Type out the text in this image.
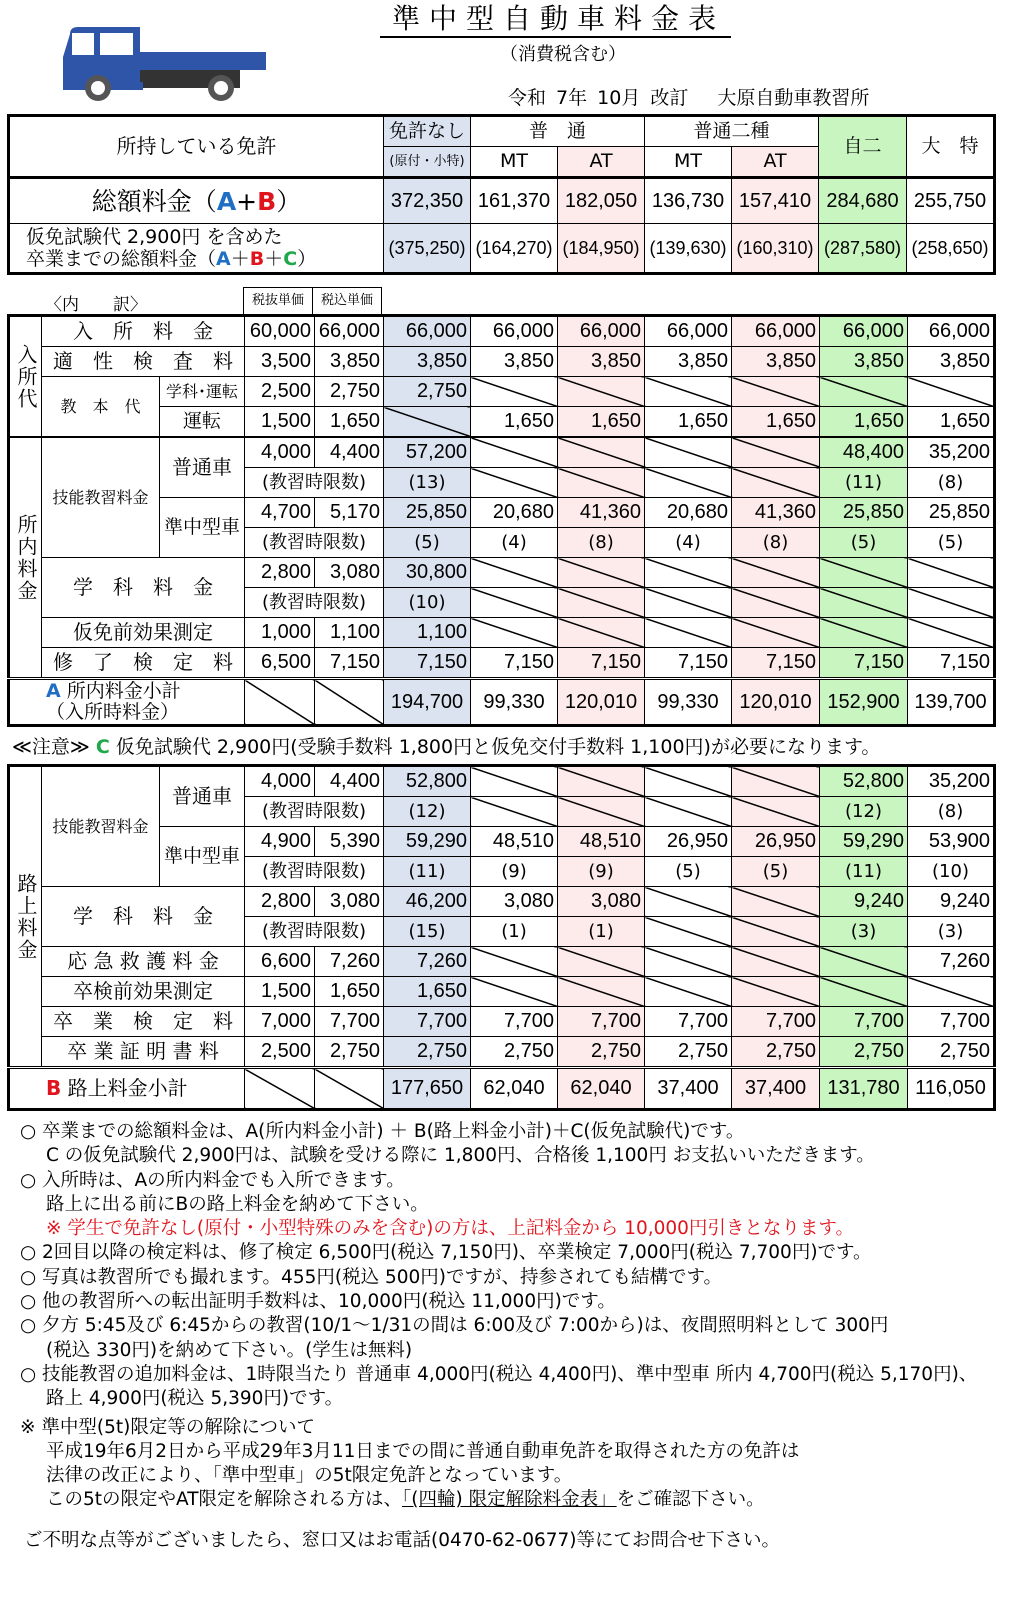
準中型自動車料金表
（消費税含む）
令和 7年 10月 改訂　 大原自動車教習所
所持している免許	免許なし	普　通		普通二種		自二	大　特
	(原付・小特)	MT	AT	MT	AT		
総額料金（A+B）	372,350	161,370	182,050	136,730	157,410	284,680	255,750

仮免試験代 2,900円 を含めた
卒業までの総額料金（A＋B＋C）	(375,250)	(164,270)	(184,950)	(139,630)	(160,310)	(287,580)	(258,650)
〈内　　訳〉	税抜単価	税込単価
入所代	入　所　料　金		60,000	66,000	66,000	66,000	66,000	66,000	66,000	66,000	66,000
	適　性　検　査　料		3,500	3,850	3,850	3,850	3,850	3,850	3,850	3,850	3,850
	教　本　代	学科･運転	2,500	2,750	2,750						
		運転	1,500	1,650		1,650	1,650	1,650	1,650	1,650	1,650
所内料金	技能教習料金	普通車	4,000	4,400	57,200					48,400	35,200
			(教習時限数)		(13)					(11)	(8)
		準中型車	4,700	5,170	25,850	20,680	41,360	20,680	41,360	25,850	25,850
			(教習時限数)		(5)	(4)	(8)	(4)	(8)	(5)	(5)
	学　科　料　金		2,800	3,080	30,800						
			(教習時限数)		(10)						
	仮免前効果測定		1,000	1,100	1,100						
	修　了　検　定　料		6,500	7,150	7,150	7,150	7,150	7,150	7,150	7,150	7,150

A 所内料金小計
（入所時料金）					194,700	99,330	120,010	99,330	120,010	152,900	139,700
≪注意≫ C 仮免試験代 2,900円(受験手数料 1,800円と仮免交付手数料 1,100円)が必要になります。
路上料金	技能教習料金	普通車	4,000	4,400	52,800					52,800	35,200
			(教習時限数)		(12)					(12)	(8)
		準中型車	4,900	5,390	59,290	48,510	48,510	26,950	26,950	59,290	53,900
			(教習時限数)		(11)	(9)	(9)	(5)	(5)	(11)	(10)
	学　科　料　金		2,800	3,080	46,200	3,080	3,080			9,240	9,240
			(教習時限数)		(15)	(1)	(1)			(3)	(3)
	応 急 救 護 料 金		6,600	7,260	7,260						7,260
	卒検前効果測定		1,500	1,650	1,650						
	卒　業　検　定　料		7,000	7,700	7,700	7,700	7,700	7,700	7,700	7,700	7,700
	卒 業 証 明 書 料		2,500	2,750	2,750	2,750	2,750	2,750	2,750	2,750	2,750
B 路上料金小計					177,650	62,040	62,040	37,400	37,400	131,780	116,050
○ 卒業までの総額料金は、A(所内料金小計) ＋ B(路上料金小計)＋C(仮免試験代)です。
C の仮免試験代 2,900円は、試験を受ける際に 1,800円、合格後 1,100円 お支払いいただきます。
○ 入所時は、Aの所内料金でも入所できます。
路上に出る前にBの路上料金を納めて下さい。
※ 学生で免許なし(原付・小型特殊のみを含む)の方は、上記料金から 10,000円引きとなります。
○ 2回目以降の検定料は、修了検定 6,500円(税込 7,150円)、卒業検定 7,000円(税込 7,700円)です。
○ 写真は教習所でも撮れます。455円(税込 500円)ですが、持参されても結構です。
○ 他の教習所への転出証明手数料は、10,000円(税込 11,000円)です。
○ 夕方 5:45及び 6:45からの教習(10/1～1/31の間は 6:00及び 7:00から)は、夜間照明料として 300円
(税込 330円)を納めて下さい。(学生は無料)
○ 技能教習の追加料金は、1時限当たり 普通車 4,000円(税込 4,400円)、準中型車 所内 4,700円(税込 5,170円)、
路上 4,900円(税込 5,390円)です。
※ 準中型(5t)限定等の解除について
平成19年6月2日から平成29年3月11日までの間に普通自動車免許を取得された方の免許は
法律の改正により、「準中型車」の5t限定免許となっています。
この5tの限定やAT限定を解除される方は、「(四輪) 限定解除料金表」をご確認下さい。
ご不明な点等がございましたら、窓口又はお電話(0470-62-0677)等にてお問合せ下さい。
